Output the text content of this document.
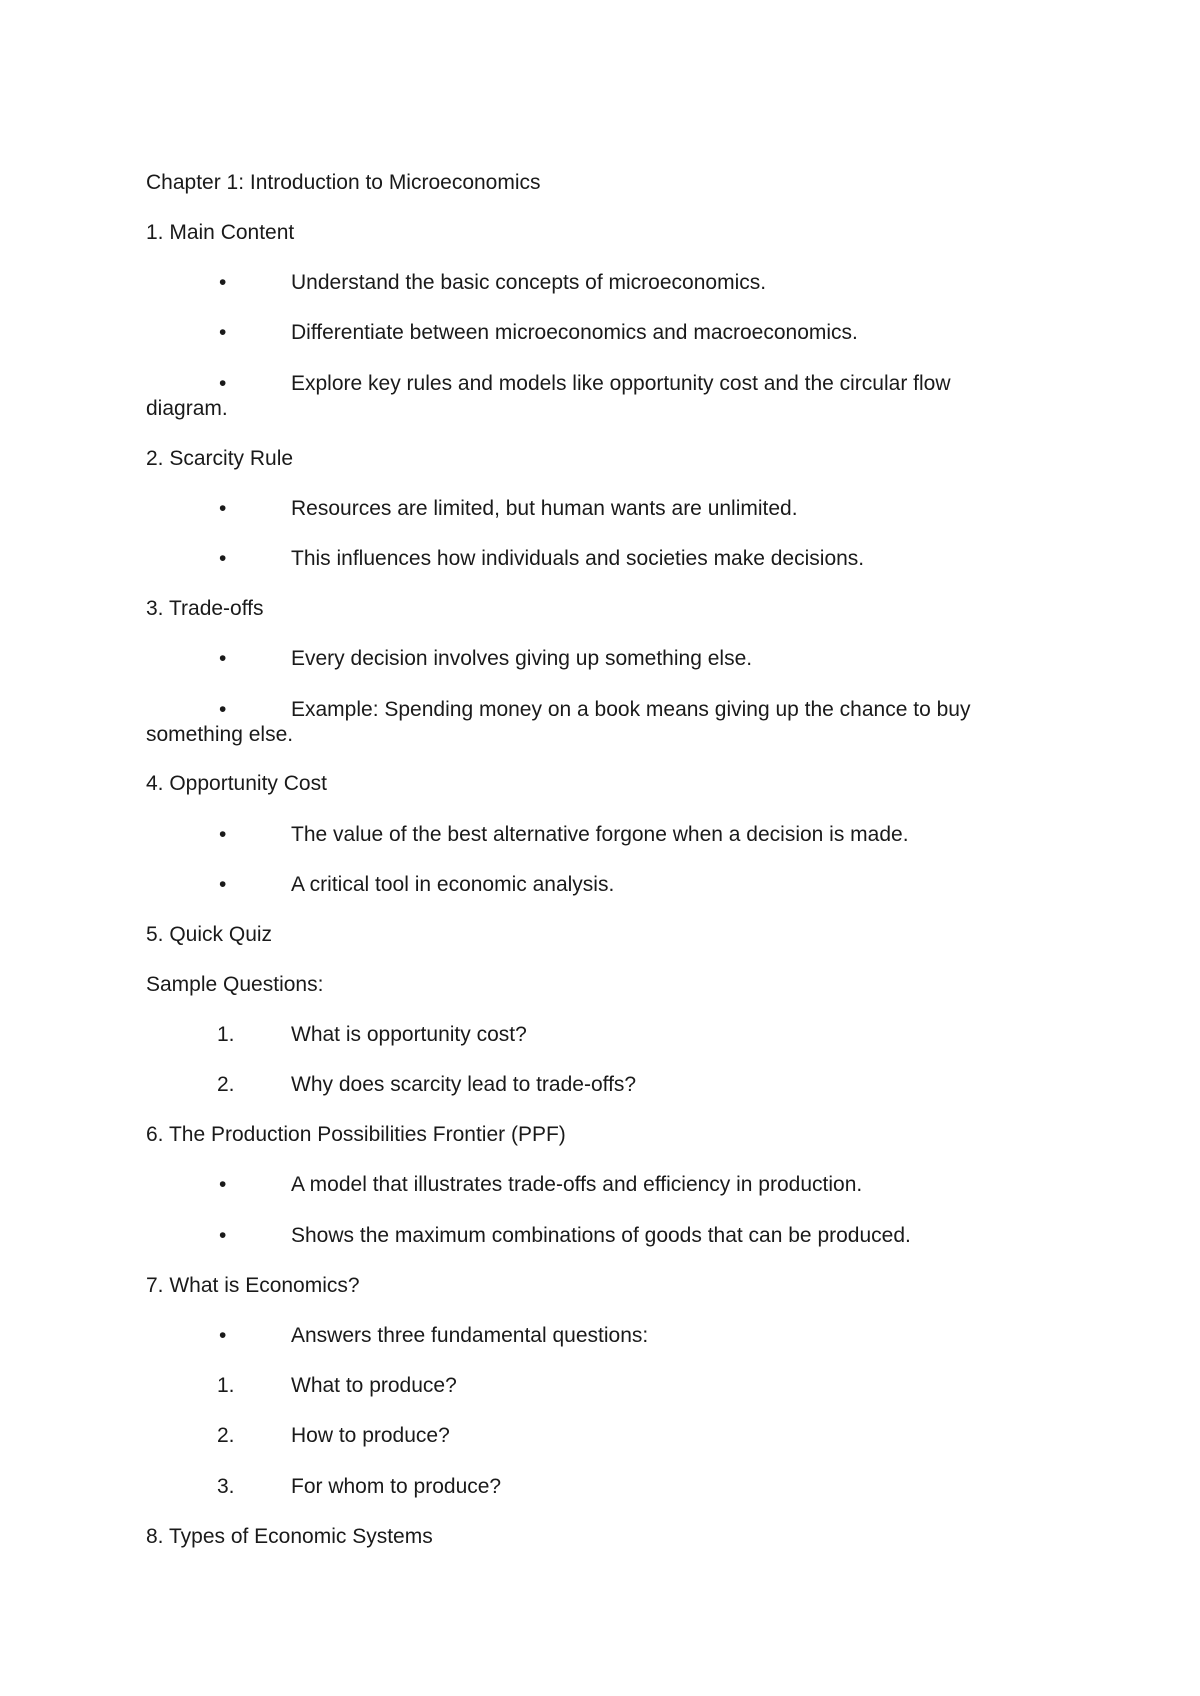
Chapter 1: Introduction to Microeconomics
1. Main Content
•	Understand the basic concepts of microeconomics.
•	Differentiate between microeconomics and macroeconomics.
•	Explore key rules and models like opportunity cost and the circular flow
diagram.
2. Scarcity Rule
•	Resources are limited, but human wants are unlimited.
•	This influences how individuals and societies make decisions.
3. Trade-offs
•	Every decision involves giving up something else.
•	Example: Spending money on a book means giving up the chance to buy
something else.
4. Opportunity Cost
•	The value of the best alternative forgone when a decision is made.
•	A critical tool in economic analysis.
5. Quick Quiz
Sample Questions:
1.	What is opportunity cost?
2.	Why does scarcity lead to trade-offs?
6. The Production Possibilities Frontier (PPF)
•	A model that illustrates trade-offs and efficiency in production.
•	Shows the maximum combinations of goods that can be produced.
7. What is Economics?
•	Answers three fundamental questions:
1.	What to produce?
2.	How to produce?
3.	For whom to produce?
8. Types of Economic Systems
